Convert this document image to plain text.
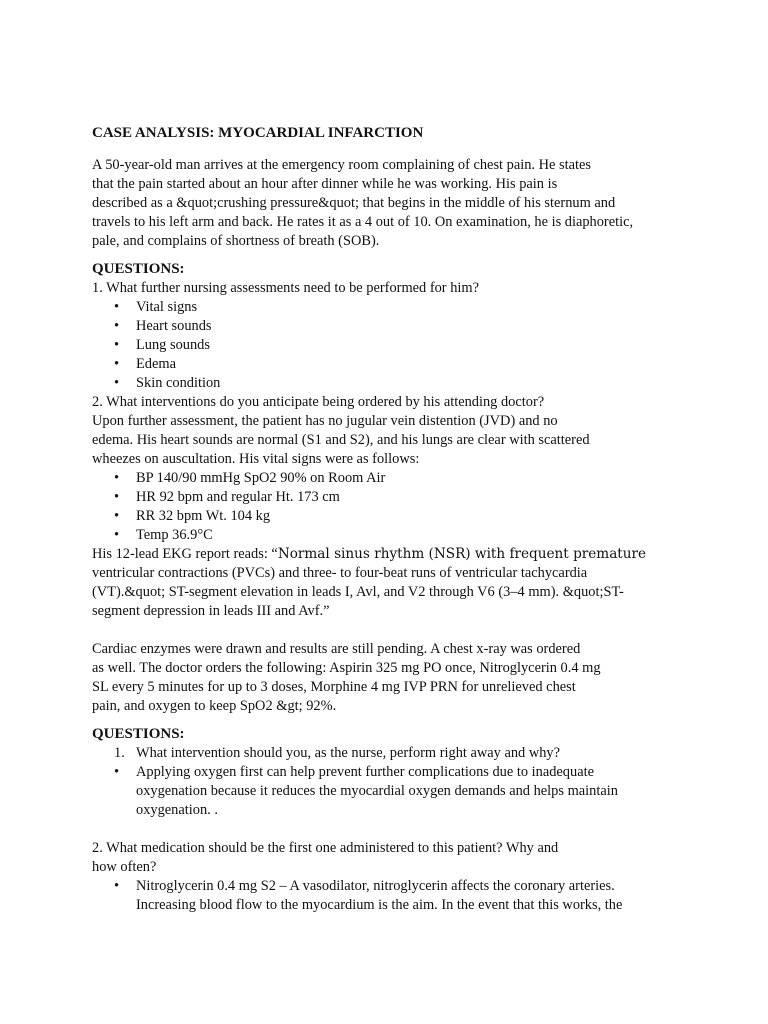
CASE ANALYSIS: MYOCARDIAL INFARCTION
A 50-year-old man arrives at the emergency room complaining of chest pain. He states
that the pain started about an hour after dinner while he was working. His pain is
described as a &quot;crushing pressure&quot; that begins in the middle of his sternum and
travels to his left arm and back. He rates it as a 4 out of 10. On examination, he is diaphoretic,
pale, and complains of shortness of breath (SOB).
QUESTIONS:
1. What further nursing assessments need to be performed for him?
• Vital signs
• Heart sounds
• Lung sounds
• Edema
• Skin condition
2. What interventions do you anticipate being ordered by his attending doctor?
Upon further assessment, the patient has no jugular vein distention (JVD) and no
edema. His heart sounds are normal (S1 and S2), and his lungs are clear with scattered
wheezes on auscultation. His vital signs were as follows:
• BP 140/90 mmHg SpO2 90% on Room Air
• HR 92 bpm and regular Ht. 173 cm
• RR 32 bpm Wt. 104 kg
• Temp 36.9°C
His 12-lead EKG report reads: “Normal sinus rhythm (NSR) with frequent premature
ventricular contractions (PVCs) and three- to four-beat runs of ventricular tachycardia
(VT).&quot; ST-segment elevation in leads I, Avl, and V2 through V6 (3–4 mm). &quot;ST-
segment depression in leads III and Avf.”
Cardiac enzymes were drawn and results are still pending. A chest x-ray was ordered
as well. The doctor orders the following: Aspirin 325 mg PO once, Nitroglycerin 0.4 mg
SL every 5 minutes for up to 3 doses, Morphine 4 mg IVP PRN for unrelieved chest
pain, and oxygen to keep SpO2 &gt; 92%.
QUESTIONS:
1. What intervention should you, as the nurse, perform right away and why?
• Applying oxygen first can help prevent further complications due to inadequate
oxygenation because it reduces the myocardial oxygen demands and helps maintain
oxygenation. .
2. What medication should be the first one administered to this patient? Why and
how often?
• Nitroglycerin 0.4 mg S2 – A vasodilator, nitroglycerin affects the coronary arteries.
Increasing blood flow to the myocardium is the aim. In the event that this works, the
